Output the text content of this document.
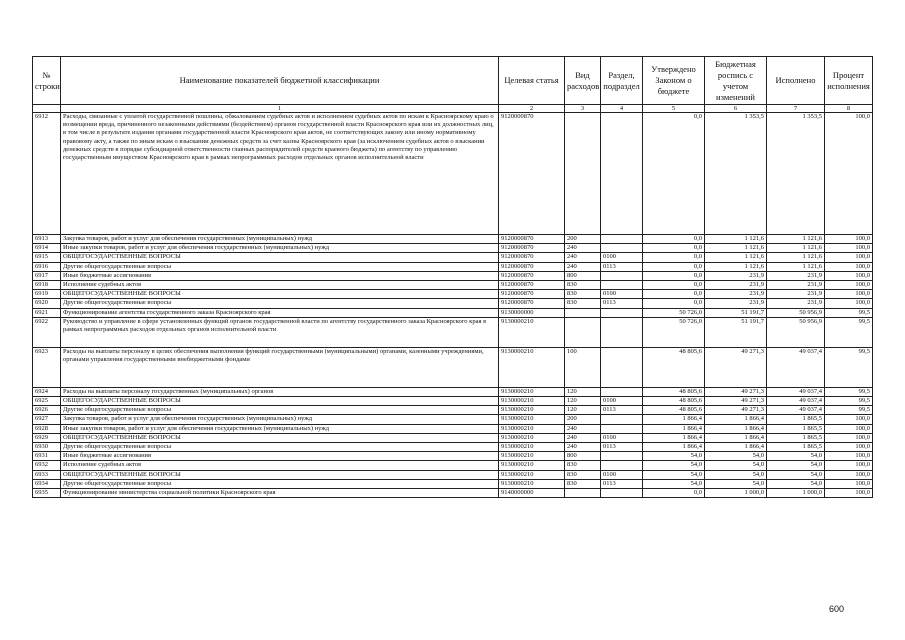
№ строки	Наименование показателей бюджетной классификации	Целевая статья	Вид расходов	Раздел, подраздел	Утверждено Законом о бюджете	Бюджетная роспись с учетом изменений	Исполнено	Процент исполнения
	1	2	3	4	5	6	7	8
6912	Расходы, связанные с уплатой государственной пошлины, обжалованием судебных актов и исполнением судебных актов по искам к Красноярскому краю о возмещении вреда, причиненного незаконными действиями (бездействием) органов государственной власти Красноярского края или их должностных лиц, в том числе в результате издания органами государственной власти Красноярского края актов, не соответствующих закону или иному нормативному правовому акту, а также по иным искам о взыскании денежных средств за счет казны Красноярского края (за исключением судебных актов о взыскании денежных средств в порядке субсидиарной ответственности главных распорядителей средств краевого бюджета) по агентству по управлению государственным имуществом Красноярского края в рамках непрограммных расходов отдельных органов исполнительной власти	9120000870			0,0	1 353,5	1 353,5	100,0
6913	Закупка товаров, работ и услуг для обеспечения государственных (муниципальных) нужд	9120000870	200		0,0	1 121,6	1 121,6	100,0
6914	Иные закупки товаров, работ и услуг для обеспечения государственных (муниципальных) нужд	9120000870	240		0,0	1 121,6	1 121,6	100,0
6915	ОБЩЕГОСУДАРСТВЕННЫЕ ВОПРОСЫ	9120000870	240	0100	0,0	1 121,6	1 121,6	100,0
6916	Другие общегосударственные вопросы	9120000870	240	0113	0,0	1 121,6	1 121,6	100,0
6917	Иные бюджетные ассигнования	9120000870	800		0,0	231,9	231,9	100,0
6918	Исполнение судебных актов	9120000870	830		0,0	231,9	231,9	100,0
6919	ОБЩЕГОСУДАРСТВЕННЫЕ ВОПРОСЫ	9120000870	830	0100	0,0	231,9	231,9	100,0
6920	Другие общегосударственные вопросы	9120000870	830	0113	0,0	231,9	231,9	100,0
6921	Функционирование агентства государственного заказа Красноярского края	9130000000			50 726,0	51 191,7	50 956,9	99,5
6922	Руководство и управление в сфере установленных функций органов государственной власти по агентству государственного заказа Красноярского края в рамках непрограммных расходов отдельных органов исполнительной власти	9130000210			50 726,0	51 191,7	50 956,9	99,5
6923	Расходы на выплаты персоналу в целях обеспечения выполнения функций государственными (муниципальными) органами, казенными учреждениями, органами управления государственными внебюджетными фондами	9130000210	100		48 805,6	49 271,3	49 037,4	99,5
6924	Расходы на выплаты персоналу государственных (муниципальных) органов	9130000210	120		48 805,6	49 271,3	49 037,4	99,5
6925	ОБЩЕГОСУДАРСТВЕННЫЕ ВОПРОСЫ	9130000210	120	0100	48 805,6	49 271,3	49 037,4	99,5
6926	Другие общегосударственные вопросы	9130000210	120	0113	48 805,6	49 271,3	49 037,4	99,5
6927	Закупка товаров, работ и услуг для обеспечения государственных (муниципальных) нужд	9130000210	200		1 866,4	1 866,4	1 865,5	100,0
6928	Иные закупки товаров, работ и услуг для обеспечения государственных (муниципальных) нужд	9130000210	240		1 866,4	1 866,4	1 865,5	100,0
6929	ОБЩЕГОСУДАРСТВЕННЫЕ ВОПРОСЫ	9130000210	240	0100	1 866,4	1 866,4	1 865,5	100,0
6930	Другие общегосударственные вопросы	9130000210	240	0113	1 866,4	1 866,4	1 865,5	100,0
6931	Иные бюджетные ассигнования	9130000210	800		54,0	54,0	54,0	100,0
6932	Исполнение судебных актов	9130000210	830		54,0	54,0	54,0	100,0
6933	ОБЩЕГОСУДАРСТВЕННЫЕ ВОПРОСЫ	9130000210	830	0100	54,0	54,0	54,0	100,0
6934	Другие общегосударственные вопросы	9130000210	830	0113	54,0	54,0	54,0	100,0
6935	Функционирование министерства социальной политики Красноярского края	9140000000			0,0	1 000,0	1 000,0	100,0
600
